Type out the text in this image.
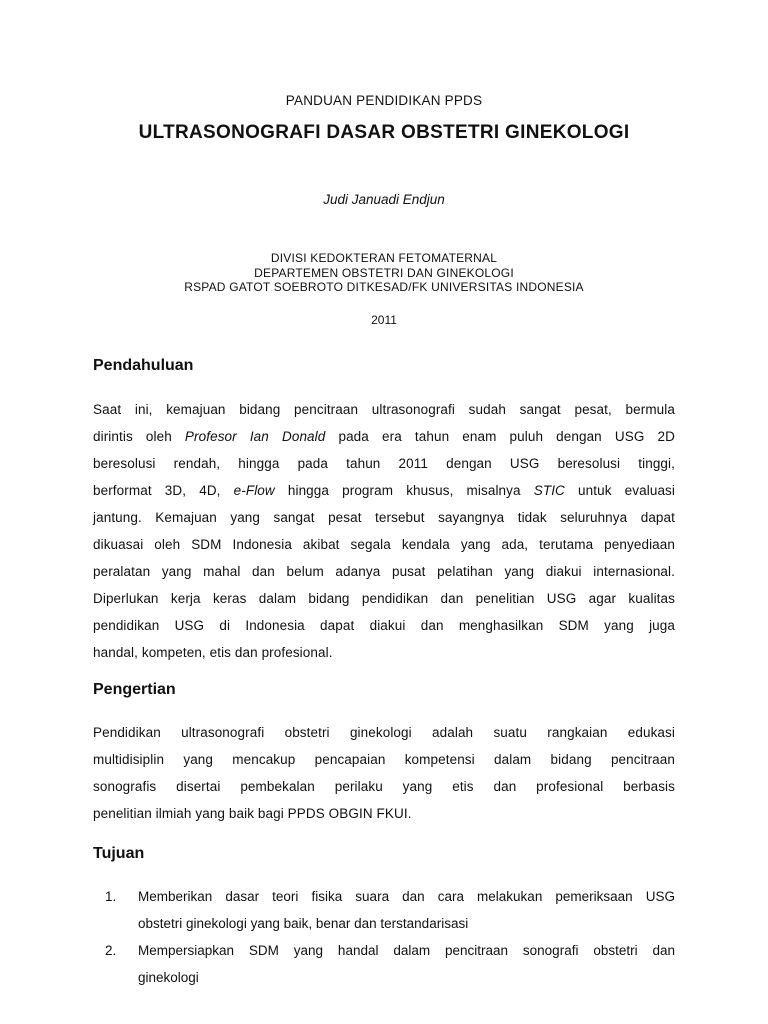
PANDUAN PENDIDIKAN PPDS
ULTRASONOGRAFI DASAR OBSTETRI GINEKOLOGI
Judi Januadi Endjun
DIVISI KEDOKTERAN FETOMATERNAL
DEPARTEMEN OBSTETRI DAN GINEKOLOGI
RSPAD GATOT SOEBROTO DITKESAD/FK UNIVERSITAS INDONESIA
2011
Pendahuluan
Saat ini, kemajuan bidang pencitraan ultrasonografi sudah sangat pesat, bermula
dirintis oleh Profesor Ian Donald pada era tahun enam puluh dengan USG 2D
beresolusi rendah, hingga pada tahun 2011 dengan USG beresolusi tinggi,
berformat 3D, 4D, e-Flow hingga program khusus, misalnya STIC untuk evaluasi
jantung. Kemajuan yang sangat pesat tersebut sayangnya tidak seluruhnya dapat
dikuasai oleh SDM Indonesia akibat segala kendala yang ada, terutama penyediaan
peralatan yang mahal dan belum adanya pusat pelatihan yang diakui internasional.
Diperlukan kerja keras dalam bidang pendidikan dan penelitian USG agar kualitas
pendidikan USG di Indonesia dapat diakui dan menghasilkan SDM yang juga
handal, kompeten, etis dan profesional.
Pengertian
Pendidikan ultrasonografi obstetri ginekologi adalah suatu rangkaian edukasi
multidisiplin yang mencakup pencapaian kompetensi dalam bidang pencitraan
sonografis disertai pembekalan perilaku yang etis dan profesional berbasis
penelitian ilmiah yang baik bagi PPDS OBGIN FKUI.
Tujuan
1. Memberikan dasar teori fisika suara dan cara melakukan pemeriksaan USG
obstetri ginekologi yang baik, benar dan terstandarisasi
2. Mempersiapkan SDM yang handal dalam pencitraan sonografi obstetri dan
ginekologi
